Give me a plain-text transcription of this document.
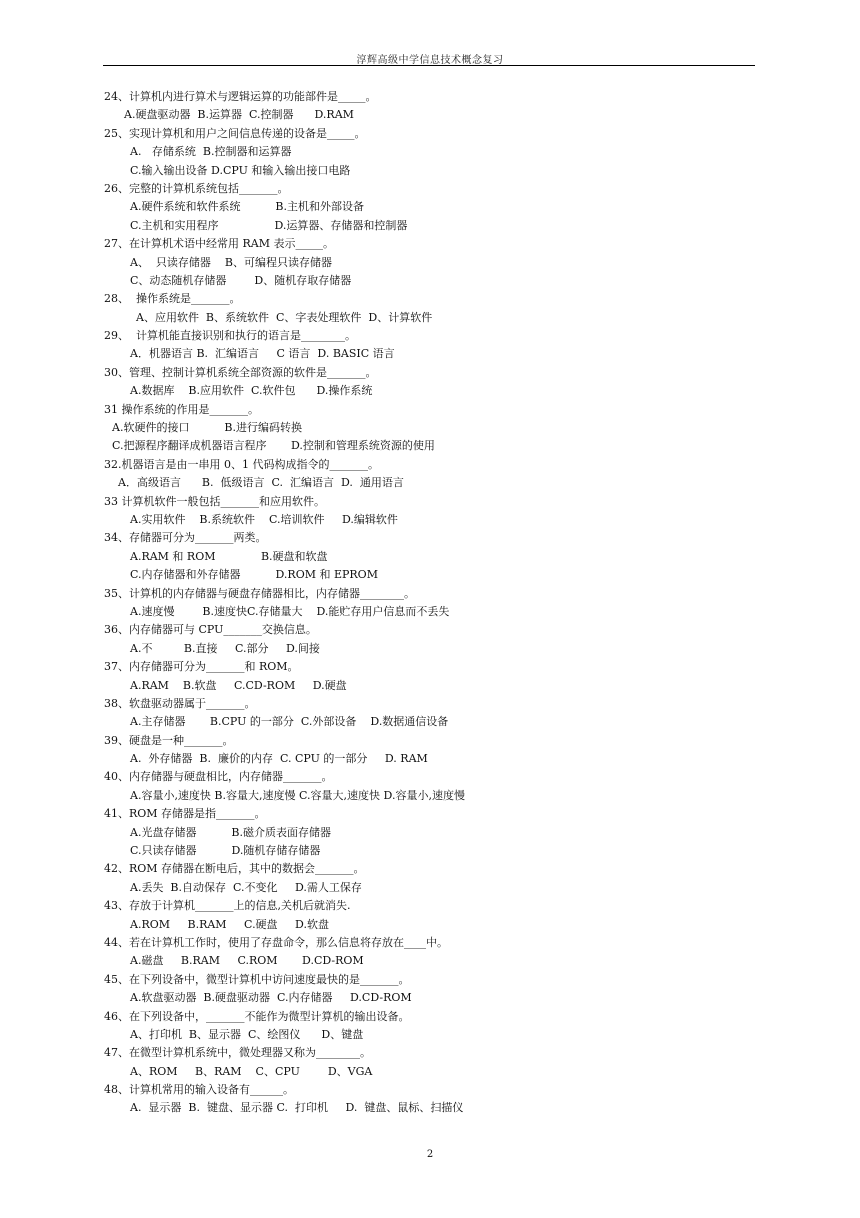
淳辉高级中学信息技术概念复习
24、计算机内进行算术与逻辑运算的功能部件是_____。
A.硬盘驱动器  B.运算器  C.控制器      D.RAM
25、实现计算机和用户之间信息传递的设备是_____。
A.   存储系统  B.控制器和运算器
C.输入输出设备 D.CPU 和输入输出接口电路
26、完整的计算机系统包括_______。
A.硬件系统和软件系统          B.主机和外部设备
C.主机和实用程序                D.运算器、存储器和控制器
27、在计算机术语中经常用 RAM 表示_____。
A、  只读存储器    B、可编程只读存储器
C、动态随机存储器        D、随机存取存储器
28、  操作系统是_______。
A、应用软件  B、系统软件  C、字表处理软件  D、计算软件
29、  计算机能直接识别和执行的语言是________。
A．机器语言 B.  汇编语言     C 语言  D. BASIC 语言
30、管理、控制计算机系统全部资源的软件是_______。
A.数据库    B.应用软件  C.软件包      D.操作系统
31 操作系统的作用是_______。
A.软硬件的接口          B.进行编码转换
C.把源程序翻译成机器语言程序       D.控制和管理系统资源的使用
32.机器语言是由一串用 0、1 代码构成指令的_______。
A．高级语言      B.  低级语言  C.  汇编语言  D.  通用语言
33 计算机软件一般包括_______和应用软件。
A.实用软件    B.系统软件    C.培训软件     D.编辑软件
34、存储器可分为_______两类。
A.RAM 和 ROM             B.硬盘和软盘
C.内存储器和外存储器          D.ROM 和 EPROM
35、计算机的内存储器与硬盘存储器相比，内存储器________。
A.速度慢        B.速度快C.存储量大    D.能贮存用户信息而不丢失
36、内存储器可与 CPU_______交换信息。
A.不         B.直接     C.部分     D.间接
37、内存储器可分为_______和 ROM。
A.RAM    B.软盘     C.CD-ROM     D.硬盘
38、软盘驱动器属于_______。
A.主存储器       B.CPU 的一部分  C.外部设备    D.数据通信设备
39、硬盘是一种_______。
A.  外存储器  B.  廉价的内存  C. CPU 的一部分     D. RAM
40、内存储器与硬盘相比，内存储器_______。
A.容量小,速度快 B.容量大,速度慢 C.容量大,速度快 D.容量小,速度慢
41、ROM 存储器是指_______。
A.光盘存储器          B.磁介质表面存储器
C.只读存储器          D.随机存储存储器
42、ROM 存储器在断电后，其中的数据会_______。
A.丢失  B.自动保存  C.不变化     D.需人工保存
43、存放于计算机_______上的信息,关机后就消失.
A.ROM     B.RAM     C.硬盘     D.软盘
44、若在计算机工作时，使用了存盘命令，那么信息将存放在____中。
A.磁盘     B.RAM     C.ROM       D.CD-ROM
45、在下列设备中，微型计算机中访问速度最快的是_______。
A.软盘驱动器  B.硬盘驱动器  C.内存储器     D.CD-ROM
46、在下列设备中，_______不能作为微型计算机的输出设备。
A、打印机  B、显示器  C、绘图仪      D、键盘
47、在微型计算机系统中，微处理器又称为________。
A、ROM     B、RAM    C、CPU        D、VGA
48、计算机常用的输入设备有______。
A.  显示器  B.  键盘、显示器 C.  打印机     D.  键盘、鼠标、扫描仪
2
